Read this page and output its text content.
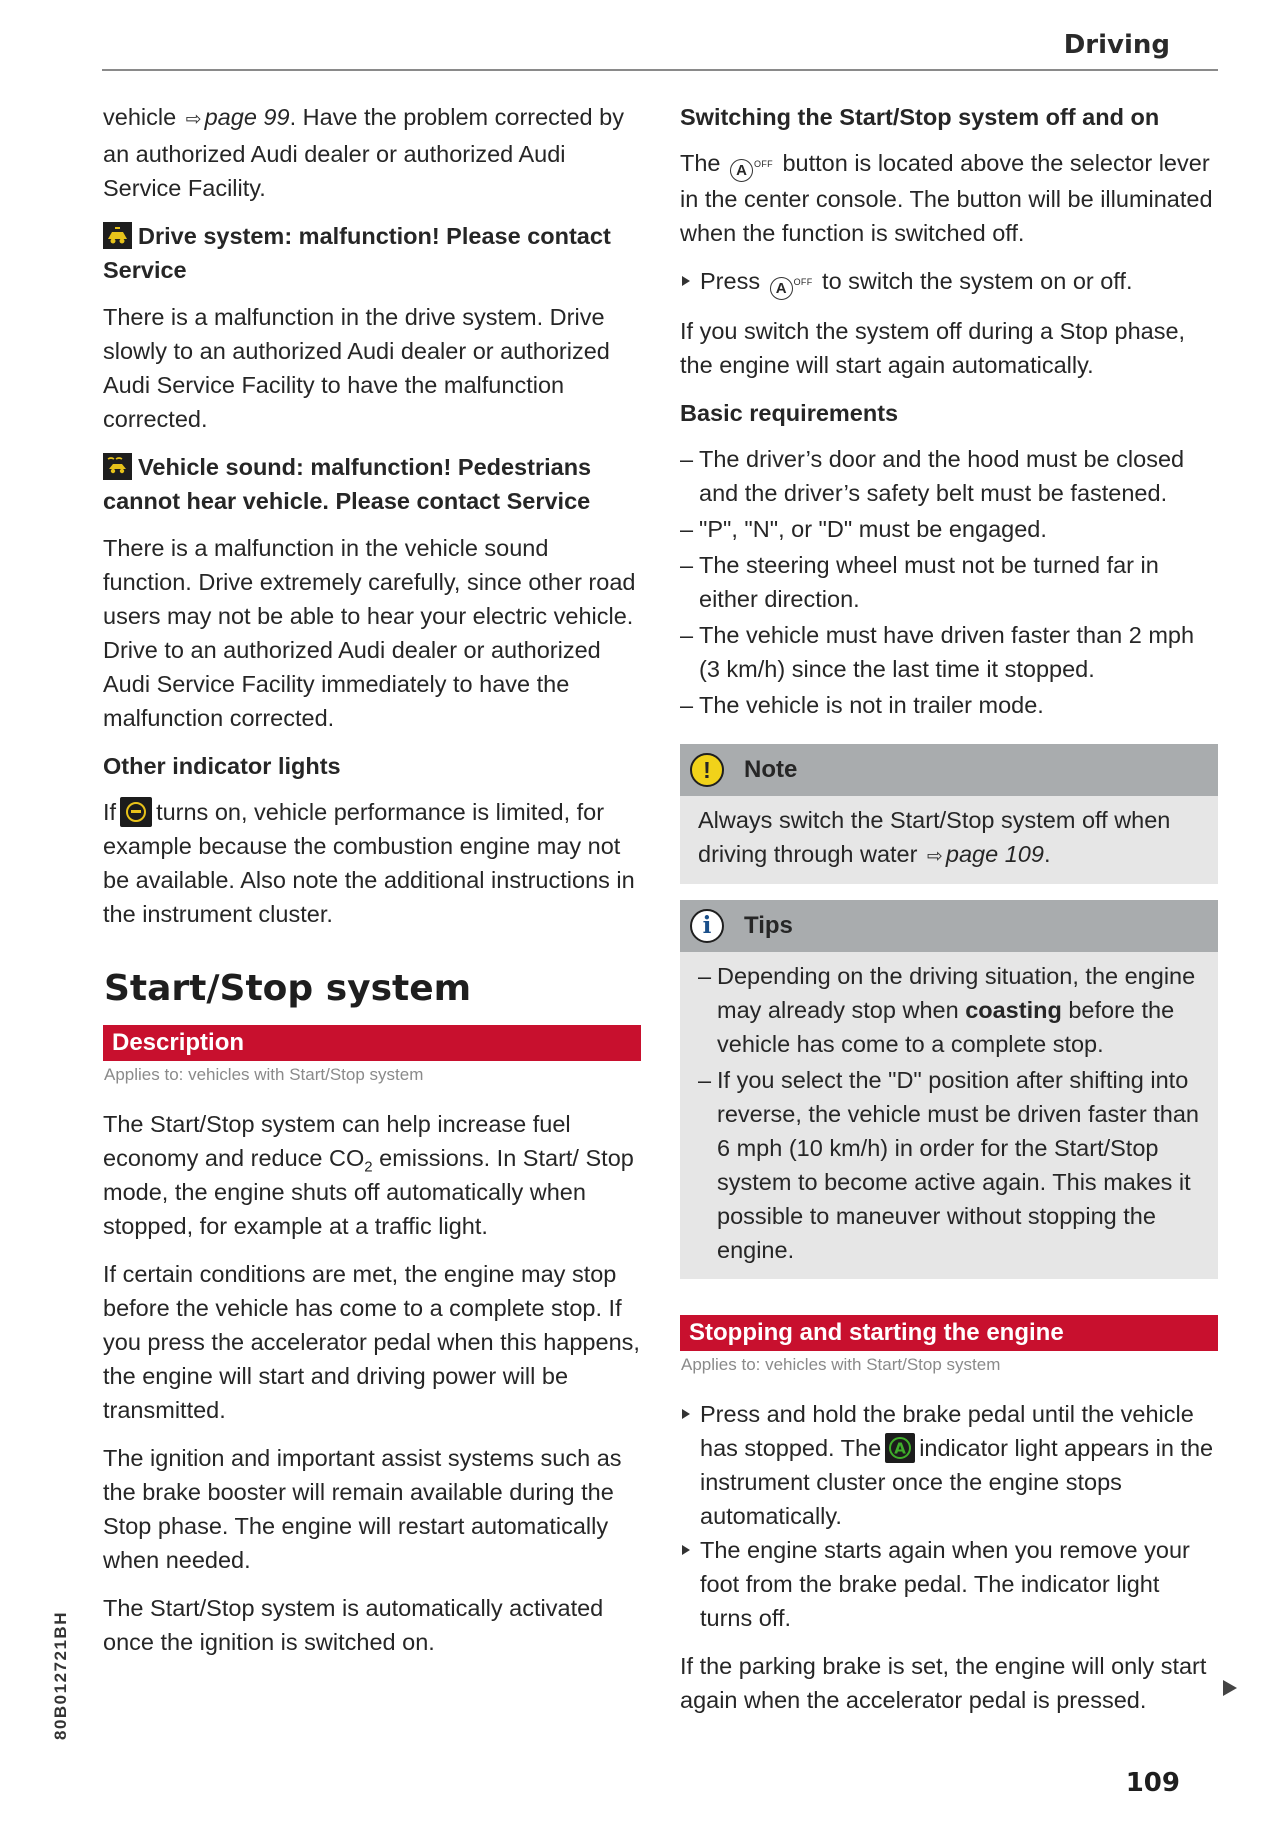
Driving

vehicle ⇨ page 99. Have the problem corrected by an authorized Audi dealer or authorized Audi Service Facility.

Drive system: malfunction! Please contact Service

There is a malfunction in the drive system. Drive slowly to an authorized Audi dealer or authorized Audi Service Facility to have the malfunction corrected.

Vehicle sound: malfunction! Pedestrians cannot hear vehicle. Please contact Service

There is a malfunction in the vehicle sound function. Drive extremely carefully, since other road users may not be able to hear your electric vehicle. Drive to an authorized Audi dealer or authorized Audi Service Facility immediately to have the malfunction corrected.

Other indicator lights

If turns on, vehicle performance is limited, for example because the combustion engine may not be available. Also note the additional instructions in the instrument cluster.

Start/Stop system
Description
Applies to: vehicles with Start/Stop system

The Start/Stop system can help increase fuel economy and reduce $CO_2$ emissions. In Start/ Stop mode, the engine shuts off automatically when stopped, for example at a traffic light.

If certain conditions are met, the engine may stop before the vehicle has come to a complete stop. If you press the accelerator pedal when this happens, the engine will start and driving power will be transmitted.

The ignition and important assist systems such as the brake booster will remain available during the Stop phase. The engine will restart automatically when needed.

The Start/Stop system is automatically activated once the ignition is switched on.

Switching the Start/Stop system off and on

The	A OFF button is located above the selector lever in the center console. The button will be illuminated when the function is switched off.

Press	A OFF to switch the system on or off.

If you switch the system off during a Stop phase, the engine will start again automatically.

Basic requirements
– The driver’s door and the hood must be closed and the driver’s safety belt must be fastened.
– "P", "N", or "D" must be engaged.
– The steering wheel must not be turned far in either direction.
– The vehicle must have driven faster than 2 mph (3 km/h) since the last time it stopped.
– The vehicle is not in trailer mode.
!	Note
Always switch the Start/Stop system off when driving through water ⇨ page 109.
i	Tips
– Depending on the driving situation, the engine may already stop when coasting before the vehicle has come to a complete stop.
– If you select the "D" position after shifting into reverse, the vehicle must be driven faster than 6 mph (10 km/h) in order for the Start/Stop system to become active again. This makes it possible to maneuver without stopping the engine.
Stopping and starting the engine
Applies to: vehicles with Start/Stop system

Press and hold the brake pedal until the vehicle has stopped. The A indicator light appears in the instrument cluster once the engine stops automatically.

The engine starts again when you remove your foot from the brake pedal. The indicator light turns off.

If the parking brake is set, the engine will only start again when the accelerator pedal is pressed.

80B012721BH
109
